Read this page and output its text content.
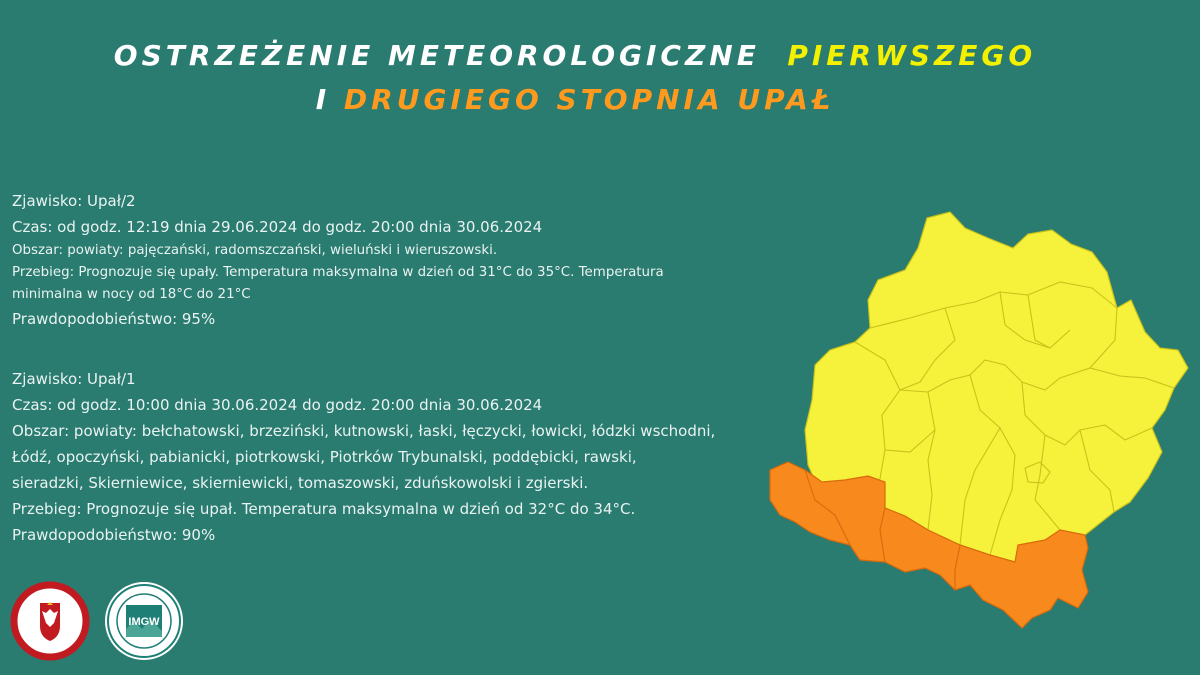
OSTRZEŻENIE METEOROLOGICZNE PIERWSZEGO
I DRUGIEGO STOPNIA UPAŁ

Zjawisko: Upał/2

Czas: od godz. 12:19 dnia 29.06.2024 do godz. 20:00 dnia 30.06.2024

Obszar: powiaty: pajęczański, radomszczański, wieluński i wieruszowski.

Przebieg: Prognozuje się upały. Temperatura maksymalna w dzień od 31°C do 35°C. Temperatura

minimalna w nocy od 18°C do 21°C

Prawdopodobieństwo: 95%

Zjawisko: Upał/1

Czas: od godz. 10:00 dnia 30.06.2024 do godz. 20:00 dnia 30.06.2024

Obszar: powiaty: bełchatowski, brzeziński, kutnowski, łaski, łęczycki, łowicki, łódzki wschodni,

Łódź, opoczyński, pabianicki, piotrkowski, Piotrków Trybunalski, poddębicki, rawski,

sieradzki, Skierniewice, skierniewicki, tomaszowski, zduńskowolski i zgierski.

Przebieg: Prognozuje się upał. Temperatura maksymalna w dzień od 32°C do 34°C.

Prawdopodobieństwo: 90%

IMGW
